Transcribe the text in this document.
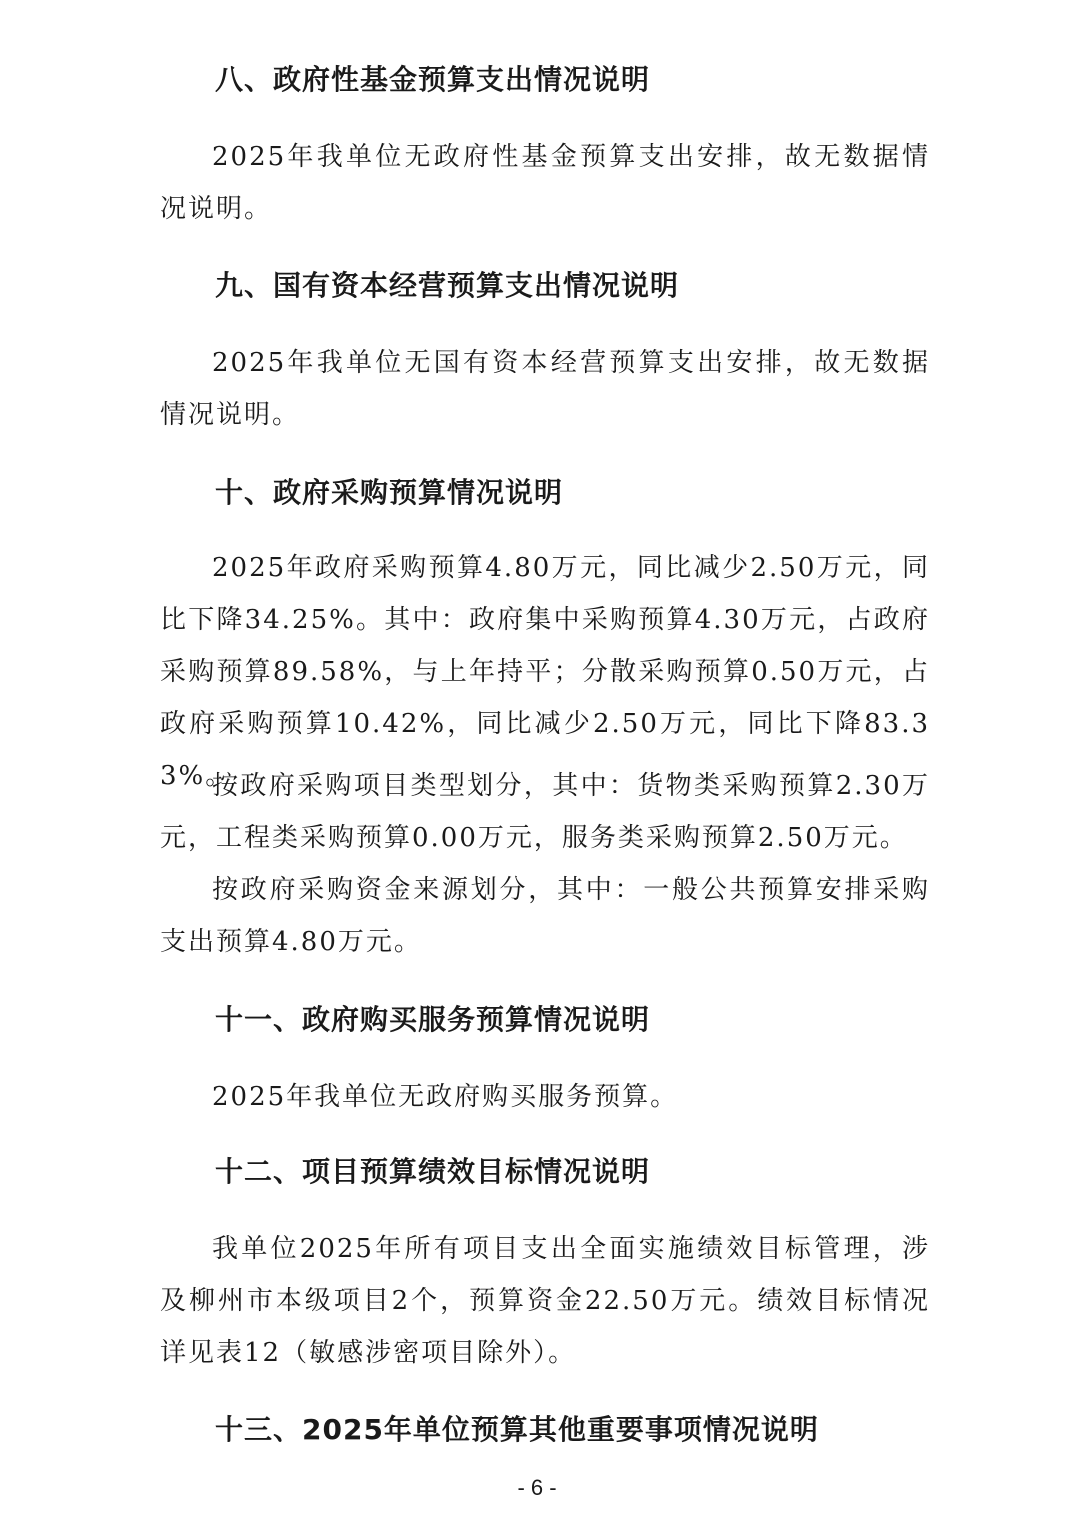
八、政府性基金预算支出情况说明
2025年我单位无政府性基金预算支出安排，故无数据情况说明。
九、国有资本经营预算支出情况说明
2025年我单位无国有资本经营预算支出安排，故无数据情况说明。
十、政府采购预算情况说明
2025年政府采购预算4.80万元，同比减少2.50万元，同比下降34.25%。其中：政府集中采购预算4.30万元，占政府采购预算89.58%，与上年持平；分散采购预算0.50万元，占政府采购预算10.42%，同比减少2.50万元，同比下降83.33%。
按政府采购项目类型划分，其中：货物类采购预算2.30万元，工程类采购预算0.00万元，服务类采购预算2.50万元。
按政府采购资金来源划分，其中：一般公共预算安排采购支出预算4.80万元。
十一、政府购买服务预算情况说明
2025年我单位无政府购买服务预算。
十二、项目预算绩效目标情况说明
我单位2025年所有项目支出全面实施绩效目标管理，涉及柳州市本级项目2个，预算资金22.50万元。绩效目标情况详见表12（敏感涉密项目除外）。
十三、2025年单位预算其他重要事项情况说明
- 6 -
